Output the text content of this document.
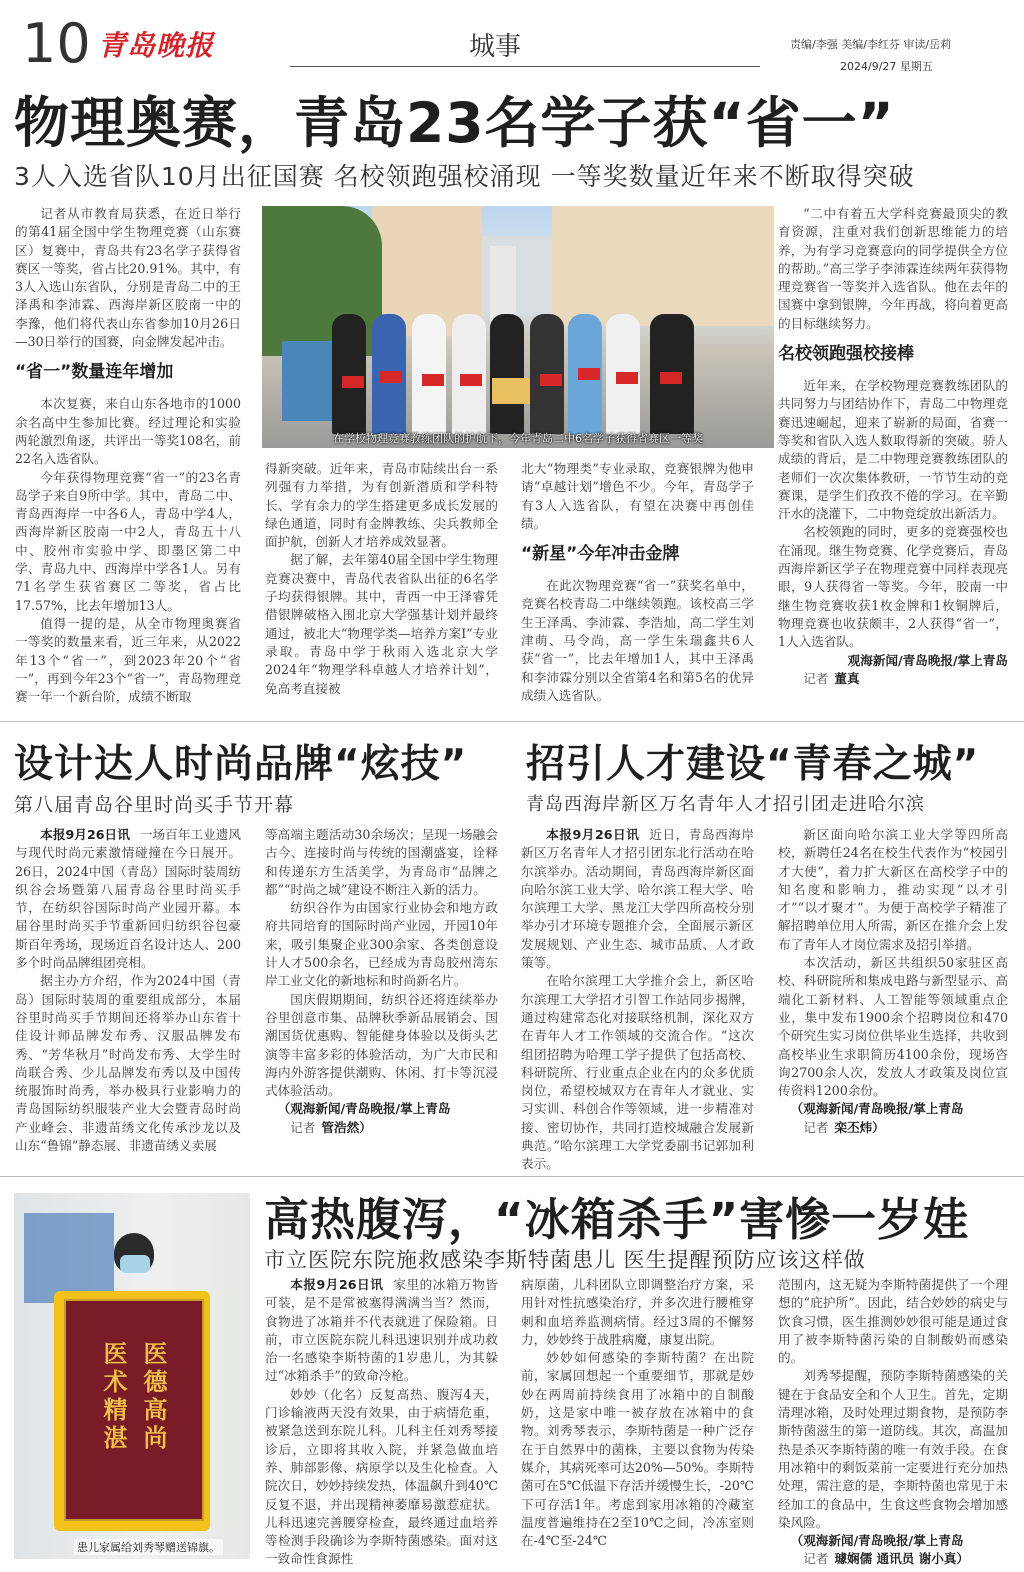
10 青岛晚报	城事	责编/李强 美编/李红芬 审读/岳莉
2024/9/27 星期五
物理奥赛，青岛23名学子获“省一”
3人入选省队10月出征国赛 名校领跑强校涌现 一等奖数量近年来不断取得突破

记者从市教育局获悉，在近日举行的第41届全国中学生物理竞赛（山东赛区）复赛中，青岛共有23名学子获得省赛区一等奖，省占比20.91%。其中，有3人入选山东省队，分别是青岛二中的王泽禹和李沛霖、西海岸新区胶南一中的李豫，他们将代表山东省参加10月26日—30日举行的国赛，向金牌发起冲击。

“省一”数量连年增加

本次复赛，来自山东各地市的1000余名高中生参加比赛。经过理论和实验两轮激烈角逐，共评出一等奖108名，前22名入选省队。

今年获得物理竞赛“省一”的23名青岛学子来自9所中学。其中，青岛二中、青岛西海岸一中各6人，青岛中学4人，西海岸新区胶南一中2人，青岛五十八中、胶州市实验中学、即墨区第二中学、青岛九中、西海岸中学各1人。另有71名学生获省赛区二等奖，省占比17.57%，比去年增加13人。

值得一提的是，从全市物理奥赛省一等奖的数量来看，近三年来，从2022年13个“省一”，到2023年20个“省一”，再到今年23个“省一”，青岛物理竞赛一年一个新台阶，成绩不断取

在学校物理竞赛教练团队的护航下，今年青岛二中6名学子获得省赛区一等奖

得新突破。近年来，青岛市陆续出台一系列强有力举措，为有创新潜质和学科特长、学有余力的学生搭建更多成长发展的绿色通道，同时有金牌教练、尖兵教师全面护航，创新人才培养成效显著。

据了解，去年第40届全国中学生物理竞赛决赛中，青岛代表省队出征的6名学子均获得银牌。其中，青西一中王泽睿凭借银牌破格入围北京大学强基计划并最终通过，被北大“物理学类—培养方案I”专业录取。青岛中学于秋雨入选北京大学2024年“物理学科卓越人才培养计划”，免高考直接被

北大“物理类”专业录取，竞赛银牌为他申请“卓越计划”增色不少。今年，青岛学子有3人入选省队，有望在决赛中再创佳绩。

“新星”今年冲击金牌

在此次物理竞赛“省一”获奖名单中，竞赛名校青岛二中继续领跑。该校高三学生王泽禹、李沛霖、李浩灿，高二学生刘津萌、马令尚，高一学生朱瑞鑫共6人获“省一”，比去年增加1人，其中王泽禹和李沛霖分别以全省第4名和第5名的优异成绩入选省队。

“二中有着五大学科竞赛最顶尖的教育资源，注重对我们创新思维能力的培养，为有学习竞赛意向的同学提供全方位的帮助。”高三学子李沛霖连续两年获得物理竞赛省一等奖并入选省队。他在去年的国赛中拿到银牌，今年再战，将向着更高的目标继续努力。

名校领跑强校接棒

近年来，在学校物理竞赛教练团队的共同努力与团结协作下，青岛二中物理竞赛迅速崛起，迎来了崭新的局面，省赛一等奖和省队入选人数取得新的突破。骄人成绩的背后，是二中物理竞赛教练团队的老师们一次次集体教研，一节节生动的竞赛课，是学生们孜孜不倦的学习。在辛勤汗水的浇灌下，二中物竞绽放出新活力。

名校领跑的同时，更多的竞赛强校也在涌现。继生物竞赛、化学竞赛后，青岛西海岸新区学子在物理竞赛中同样表现亮眼，9人获得省一等奖。今年，胶南一中继生物竞赛收获1枚金牌和1枚铜牌后，物理竞赛也收获颇丰，2人获得“省一”，1人入选省队。

观海新闻/青岛晚报/掌上青岛

记者 董真

设计达人时尚品牌“炫技”
第八届青岛谷里时尚买手节开幕

本报9月26日讯 一场百年工业遗风与现代时尚元素激情碰撞在今日展开。26日，2024中国（青岛）国际时装周纺织谷会场暨第八届青岛谷里时尚买手节，在纺织谷国际时尚产业园开幕。本届谷里时尚买手节重新回归纺织谷包豪斯百年秀场，现场近百名设计达人、200多个时尚品牌组团亮相。

据主办方介绍，作为2024中国（青岛）国际时装周的重要组成部分，本届谷里时尚买手节期间还将举办山东省十佳设计师品牌发布秀、汉服品牌发布秀、“芳华秋月”时尚发布秀、大学生时尚联合秀、少儿品牌发布秀以及中国传统服饰时尚秀，举办极具行业影响力的青岛国际纺织服装产业大会暨青岛时尚产业峰会、非遗苗绣文化传承沙龙以及山东“鲁锦”静态展、非遗苗绣义卖展

等高端主题活动30余场次；呈现一场融会古今、连接时尚与传统的国潮盛宴，诠释和传递东方生活美学，为青岛市“品牌之都”“时尚之城”建设不断注入新的活力。

纺织谷作为由国家行业协会和地方政府共同培育的国际时尚产业园，开园10年来，吸引集聚企业300余家、各类创意设计人才500余名，已经成为青岛胶州湾东岸工业文化的新地标和时尚新名片。

国庆假期期间，纺织谷还将连续举办谷里创意市集、品牌秋季新品展销会、国潮国货优惠购、智能健身体验以及街头艺演等丰富多彩的体验活动，为广大市民和海内外游客提供潮购、休闲、打卡等沉浸式体验活动。

（观海新闻/青岛晚报/掌上青岛

记者 管浩然）

招引人才建设“青春之城”
青岛西海岸新区万名青年人才招引团走进哈尔滨

本报9月26日讯 近日，青岛西海岸新区万名青年人才招引团东北行活动在哈尔滨举办。活动期间，青岛西海岸新区面向哈尔滨工业大学、哈尔滨工程大学、哈尔滨理工大学、黑龙江大学四所高校分别举办引才环境专题推介会，全面展示新区发展规划、产业生态、城市品质、人才政策等。

在哈尔滨理工大学推介会上，新区哈尔滨理工大学招才引智工作站同步揭牌，通过构建常态化对接联络机制，深化双方在青年人才工作领域的交流合作。“这次组团招聘为哈理工学子提供了包括高校、科研院所、行业重点企业在内的众多优质岗位，希望校城双方在青年人才就业、实习实训、科创合作等领域，进一步精准对接、密切协作，共同打造校城融合发展新典范。”哈尔滨理工大学党委副书记郭加利表示。

新区面向哈尔滨工业大学等四所高校，新聘任24名在校生代表作为“校园引才大使”，着力扩大新区在高校学子中的知名度和影响力，推动实现“以才引才”“以才聚才”。为便于高校学子精准了解招聘单位用人所需，新区在推介会上发布了青年人才岗位需求及招引举措。

本次活动，新区共组织50家驻区高校、科研院所和集成电路与新型显示、高端化工新材料、人工智能等领域重点企业，集中发布1900余个招聘岗位和470个研究生实习岗位供毕业生选择，共收到高校毕业生求职简历4100余份，现场咨询2700余人次，发放人才政策及岗位宣传资料1200余份。

（观海新闻/青岛晚报/掌上青岛

记者 栾丕炜）

医德高尚
医术精湛
患儿家属给刘秀琴赠送锦旗。
高热腹泻，“冰箱杀手”害惨一岁娃
市立医院东院施救感染李斯特菌患儿 医生提醒预防应该这样做

本报9月26日讯 家里的冰箱万物皆可装，是不是常被塞得满满当当？然而，食物进了冰箱并不代表就进了保险箱。日前，市立医院东院儿科迅速识别并成功救治一名感染李斯特菌的1岁患儿，为其躲过“冰箱杀手”的致命冷枪。

妙妙（化名）反复高热、腹泻4天，门诊输液两天没有效果，由于病情危重，被紧急送到东院儿科。儿科主任刘秀琴接诊后，立即将其收入院，并紧急做血培养、肺部影像、病原学以及生化检查。入院次日，妙妙持续发热，体温飙升到40℃反复不退，并出现精神萎靡易激惹症状。儿科迅速完善腰穿检查，最终通过血培养等检测手段确诊为李斯特菌感染。面对这一致命性食源性

病原菌，儿科团队立即调整治疗方案，采用针对性抗感染治疗，并多次进行腰椎穿刺和血培养监测病情。经过3周的不懈努力，妙妙终于战胜病魔，康复出院。

妙妙如何感染的李斯特菌？在出院前，家属回想起一个重要细节，那就是妙妙在两周前持续食用了冰箱中的自制酸奶，这是家中唯一被存放在冰箱中的食物。刘秀琴表示，李斯特菌是一种广泛存在于自然界中的菌株，主要以食物为传染媒介，其病死率可达20%—50%。李斯特菌可在5℃低温下存活并缓慢生长，-20℃下可存活1年。考虑到家用冰箱的冷藏室温度普遍维持在2至10℃之间，冷冻室则在-4℃至-24℃

范围内，这无疑为李斯特菌提供了一个理想的“庇护所”。因此，结合妙妙的病史与饮食习惯，医生推测妙妙很可能是通过食用了被李斯特菌污染的自制酸奶而感染的。

刘秀琴提醒，预防李斯特菌感染的关键在于食品安全和个人卫生。首先，定期清理冰箱，及时处理过期食物，是预防李斯特菌滋生的第一道防线。其次，高温加热是杀灭李斯特菌的唯一有效手段。在食用冰箱中的剩饭菜前一定要进行充分加热处理，需注意的是，李斯特菌也常见于未经加工的食品中，生食这些食物会增加感染风险。

（观海新闻/青岛晚报/掌上青岛

记者 璩娴儒 通讯员 谢小真）
